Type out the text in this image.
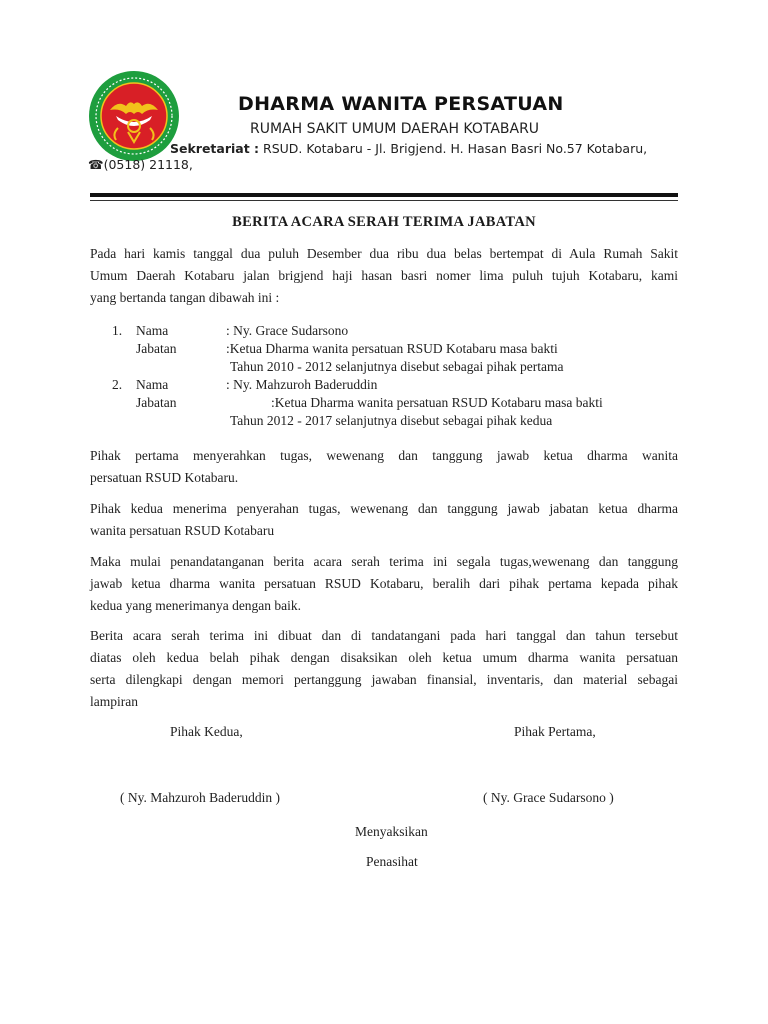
DHARMA WANITA PERSATUAN
RUMAH SAKIT UMUM DAERAH KOTABARU
Sekretariat : RSUD. Kotabaru - Jl. Brigjend. H. Hasan Basri No.57 Kotabaru,
☎(0518) 21118,
BERITA ACARA SERAH TERIMA JABATAN
Pada hari kamis tanggal dua puluh Desember dua ribu dua belas bertempat di Aula Rumah Sakit
Umum Daerah Kotabaru jalan brigjend haji hasan basri nomer lima puluh tujuh Kotabaru, kami
yang bertanda tangan dibawah ini :
1. Nama	: Ny. Grace Sudarsono
Jabatan	:Ketua Dharma wanita persatuan RSUD Kotabaru masa bakti
Tahun 2010 - 2012 selanjutnya disebut sebagai pihak pertama
2. Nama	: Ny. Mahzuroh Baderuddin
Jabatan	:Ketua Dharma wanita persatuan RSUD Kotabaru masa bakti
Tahun 2012 - 2017 selanjutnya disebut sebagai pihak kedua
Pihak pertama menyerahkan tugas, wewenang dan tanggung jawab ketua dharma wanita
persatuan RSUD Kotabaru.
Pihak kedua menerima penyerahan tugas, wewenang dan tanggung jawab jabatan ketua dharma
wanita persatuan RSUD Kotabaru
Maka mulai penandatanganan berita acara serah terima ini segala tugas,wewenang dan tanggung
jawab ketua dharma wanita persatuan RSUD Kotabaru, beralih dari pihak pertama kepada pihak
kedua yang menerimanya dengan baik.
Berita acara serah terima ini dibuat dan di tandatangani pada hari tanggal dan tahun tersebut
diatas oleh kedua belah pihak dengan disaksikan oleh ketua umum dharma wanita persatuan
serta dilengkapi dengan memori pertanggung jawaban finansial, inventaris, dan material sebagai
lampiran
Pihak Kedua,	Pihak Pertama,
( Ny. Mahzuroh Baderuddin )	( Ny. Grace Sudarsono )
Menyaksikan
Penasihat
